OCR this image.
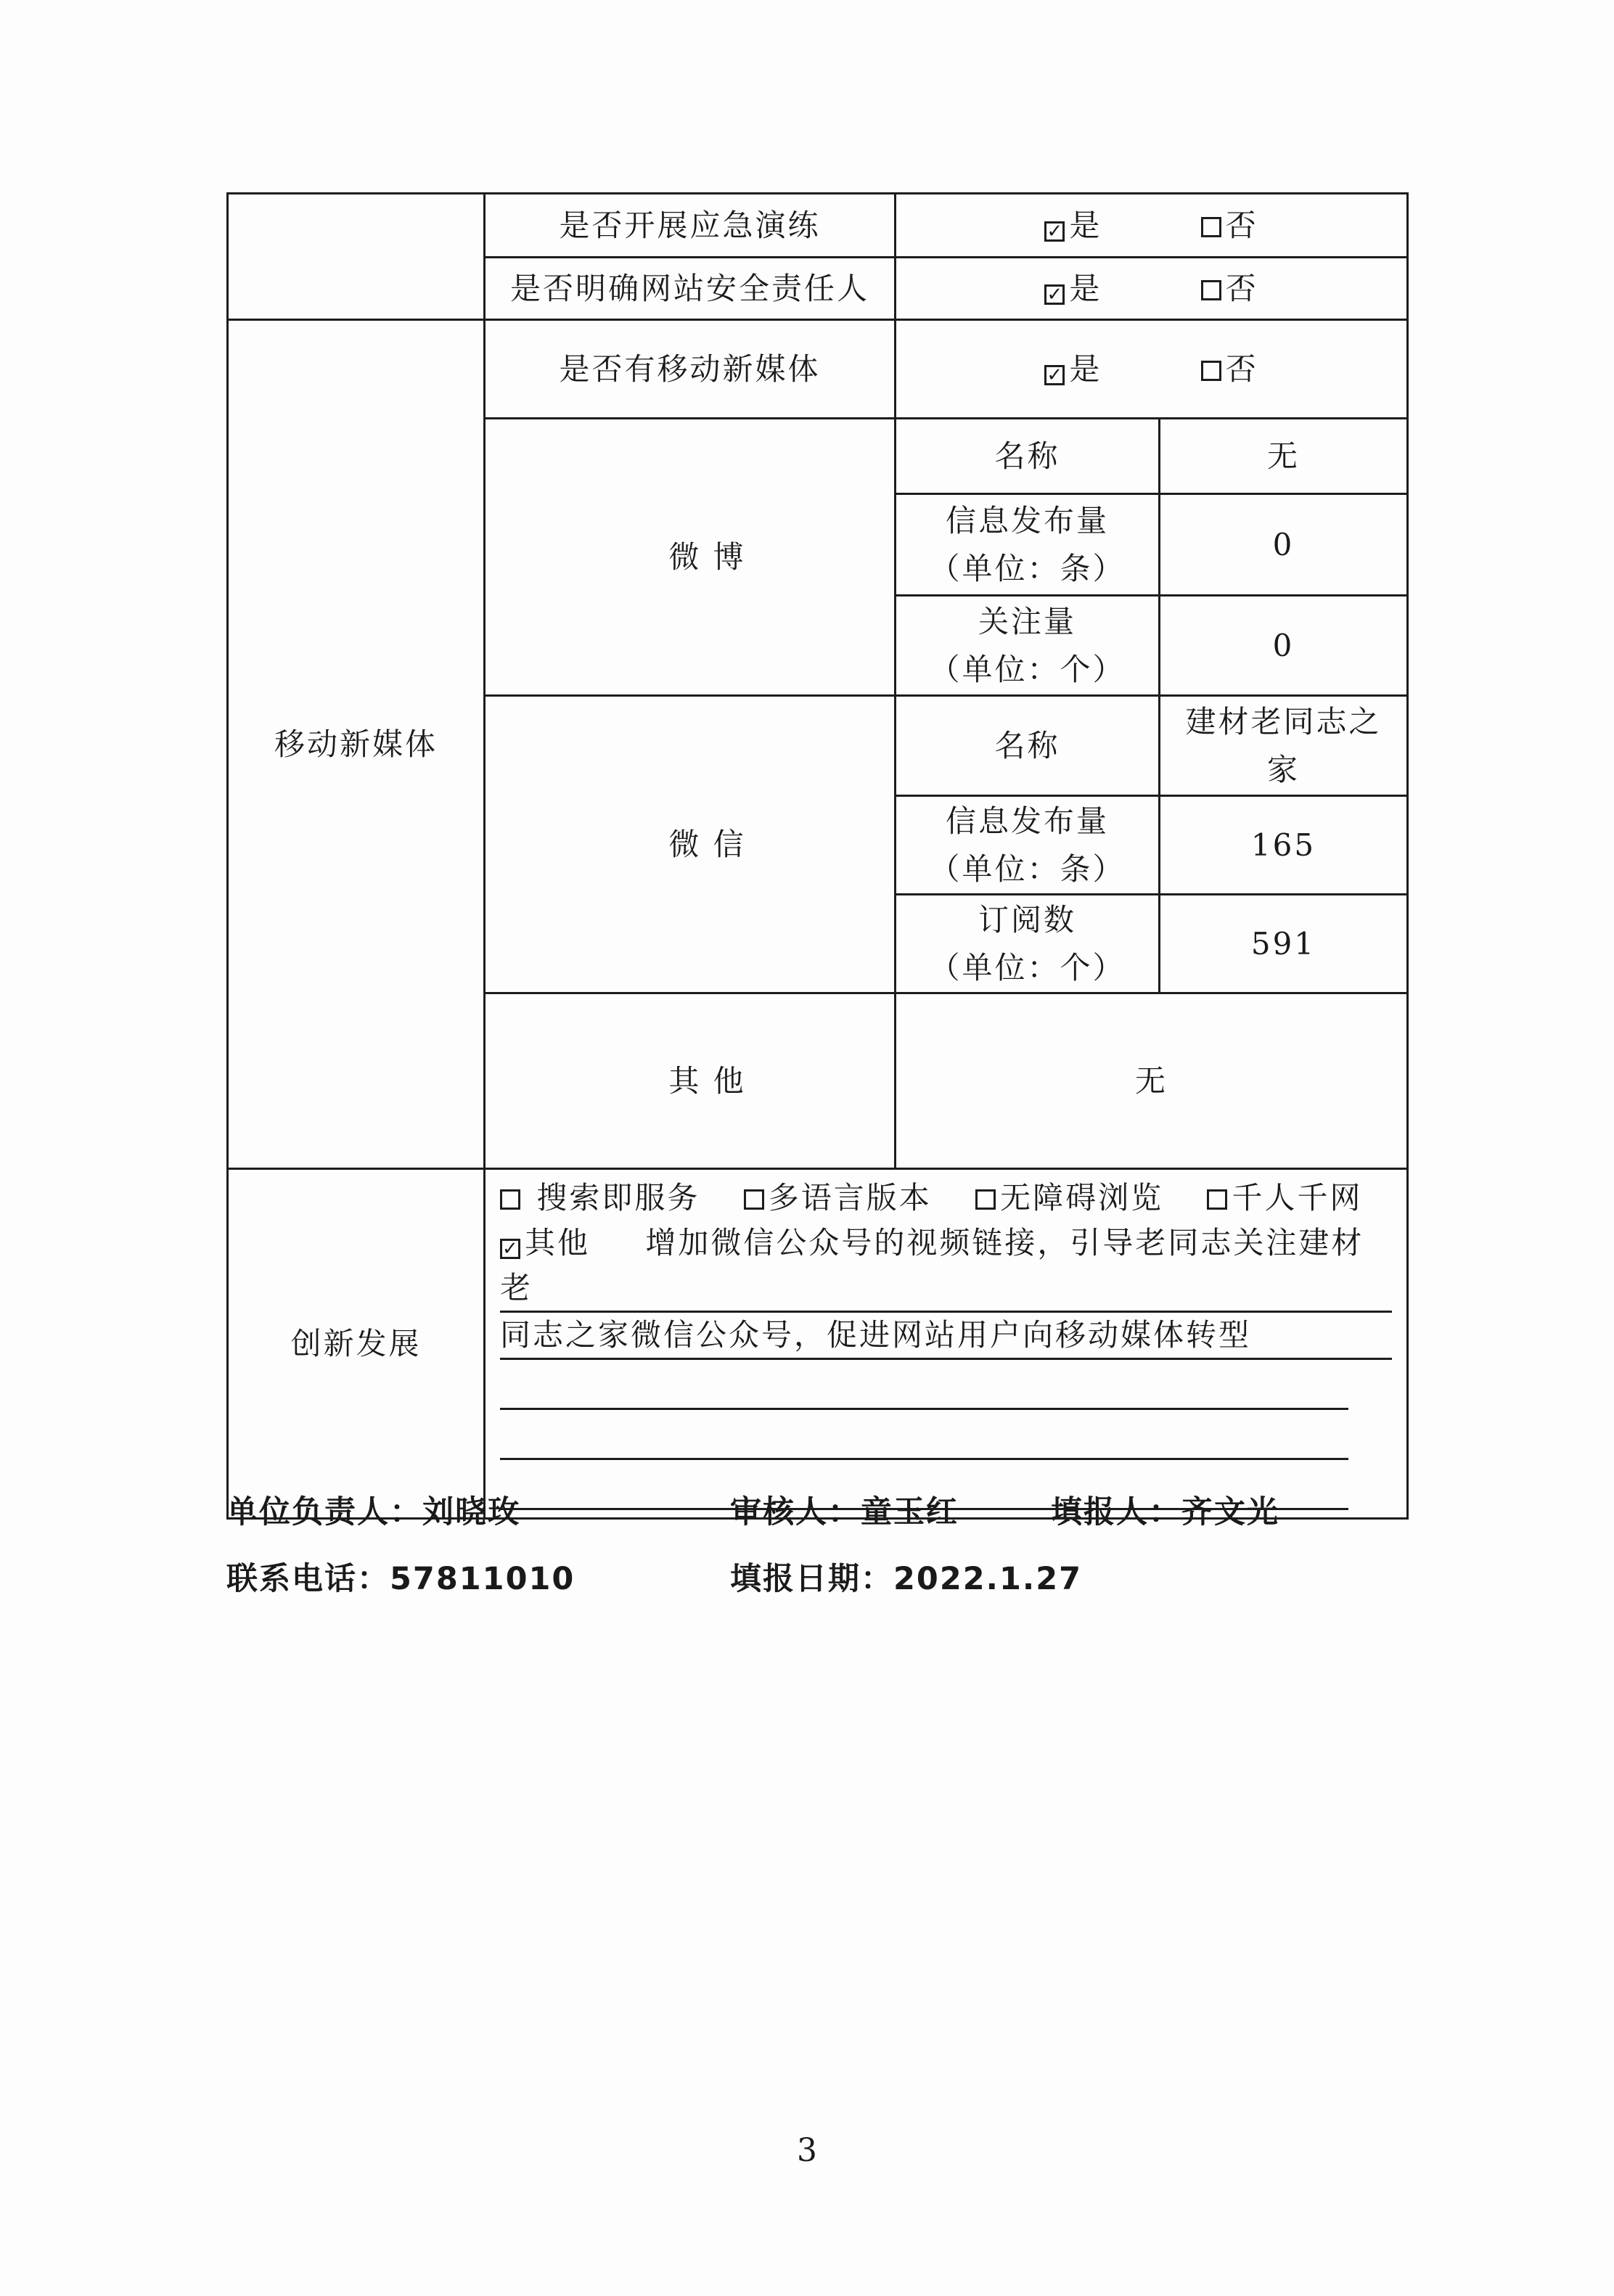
	是否开展应急演练	✓ 是 否	
	是否明确网站安全责任人	✓ 是 否	
移动新媒体	是否有移动新媒体	✓ 是 否	
	微 博	名称	无

		信息发布量
（单位：条）	0

		关注量
（单位：个）	0
	微 信	名称	建材老同志之
家

		信息发布量
（单位：条）	165

		订阅数
（单位：个）	591
	其 他	无	
创新发展	搜索即服务 多语言版本 无障碍浏览 千人千网
✓ 其他 增加微信公众号的视频链接，引导老同志关注建材老
同志之家微信公众号，促进网站用户向移动媒体转型		
单位负责人：刘晓玫	审核人：童玉红	填报人：齐文光
联系电话：57811010	填报日期：2022.1.27
3
